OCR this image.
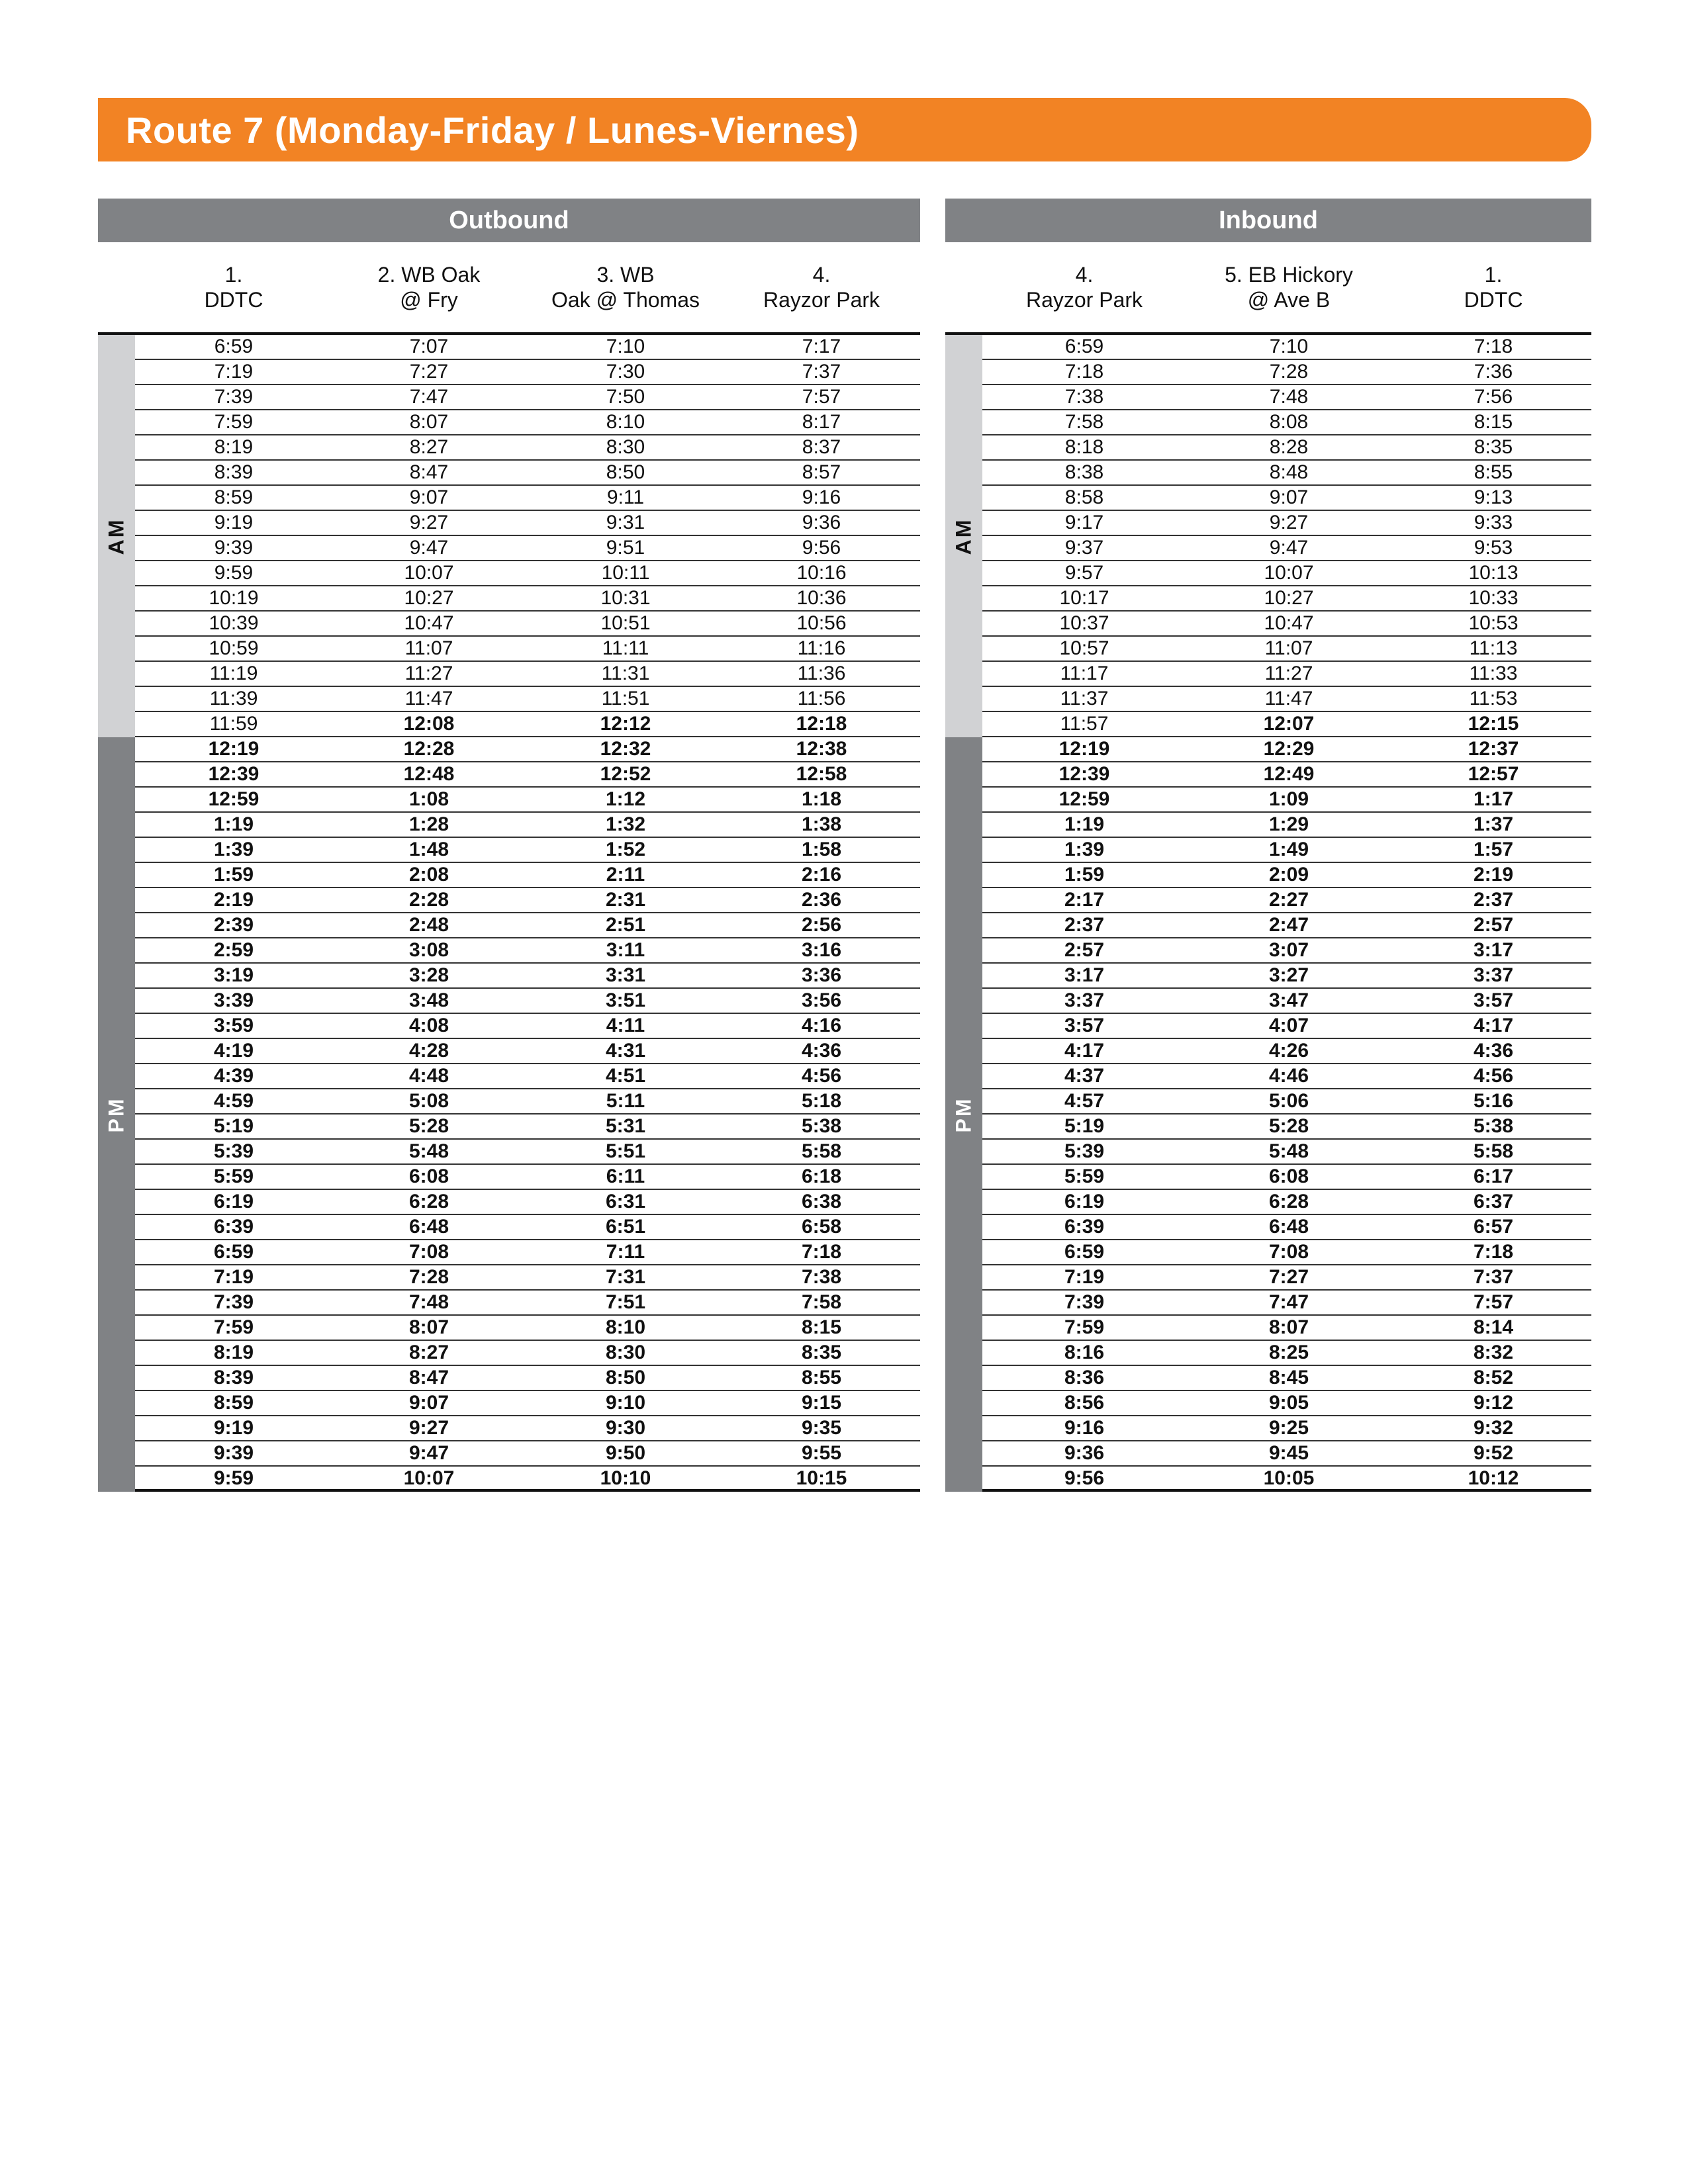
Route 7 (Monday-Friday / Lunes-Viernes)
Outbound
1.
DDTC
2. WB Oak
@ Fry
3. WB
Oak @ Thomas
4.
Rayzor Park
AM
PM
6:59	7:07	7:10	7:17
7:19	7:27	7:30	7:37
7:39	7:47	7:50	7:57
7:59	8:07	8:10	8:17
8:19	8:27	8:30	8:37
8:39	8:47	8:50	8:57
8:59	9:07	9:11	9:16
9:19	9:27	9:31	9:36
9:39	9:47	9:51	9:56
9:59	10:07	10:11	10:16
10:19	10:27	10:31	10:36
10:39	10:47	10:51	10:56
10:59	11:07	11:11	11:16
11:19	11:27	11:31	11:36
11:39	11:47	11:51	11:56
11:59	12:08	12:12	12:18
12:19	12:28	12:32	12:38
12:39	12:48	12:52	12:58
12:59	1:08	1:12	1:18
1:19	1:28	1:32	1:38
1:39	1:48	1:52	1:58
1:59	2:08	2:11	2:16
2:19	2:28	2:31	2:36
2:39	2:48	2:51	2:56
2:59	3:08	3:11	3:16
3:19	3:28	3:31	3:36
3:39	3:48	3:51	3:56
3:59	4:08	4:11	4:16
4:19	4:28	4:31	4:36
4:39	4:48	4:51	4:56
4:59	5:08	5:11	5:18
5:19	5:28	5:31	5:38
5:39	5:48	5:51	5:58
5:59	6:08	6:11	6:18
6:19	6:28	6:31	6:38
6:39	6:48	6:51	6:58
6:59	7:08	7:11	7:18
7:19	7:28	7:31	7:38
7:39	7:48	7:51	7:58
7:59	8:07	8:10	8:15
8:19	8:27	8:30	8:35
8:39	8:47	8:50	8:55
8:59	9:07	9:10	9:15
9:19	9:27	9:30	9:35
9:39	9:47	9:50	9:55
9:59	10:07	10:10	10:15
Inbound
4.
Rayzor Park
5. EB Hickory
@ Ave B
1.
DDTC
AM
PM
6:59	7:10	7:18
7:18	7:28	7:36
7:38	7:48	7:56
7:58	8:08	8:15
8:18	8:28	8:35
8:38	8:48	8:55
8:58	9:07	9:13
9:17	9:27	9:33
9:37	9:47	9:53
9:57	10:07	10:13
10:17	10:27	10:33
10:37	10:47	10:53
10:57	11:07	11:13
11:17	11:27	11:33
11:37	11:47	11:53
11:57	12:07	12:15
12:19	12:29	12:37
12:39	12:49	12:57
12:59	1:09	1:17
1:19	1:29	1:37
1:39	1:49	1:57
1:59	2:09	2:19
2:17	2:27	2:37
2:37	2:47	2:57
2:57	3:07	3:17
3:17	3:27	3:37
3:37	3:47	3:57
3:57	4:07	4:17
4:17	4:26	4:36
4:37	4:46	4:56
4:57	5:06	5:16
5:19	5:28	5:38
5:39	5:48	5:58
5:59	6:08	6:17
6:19	6:28	6:37
6:39	6:48	6:57
6:59	7:08	7:18
7:19	7:27	7:37
7:39	7:47	7:57
7:59	8:07	8:14
8:16	8:25	8:32
8:36	8:45	8:52
8:56	9:05	9:12
9:16	9:25	9:32
9:36	9:45	9:52
9:56	10:05	10:12
